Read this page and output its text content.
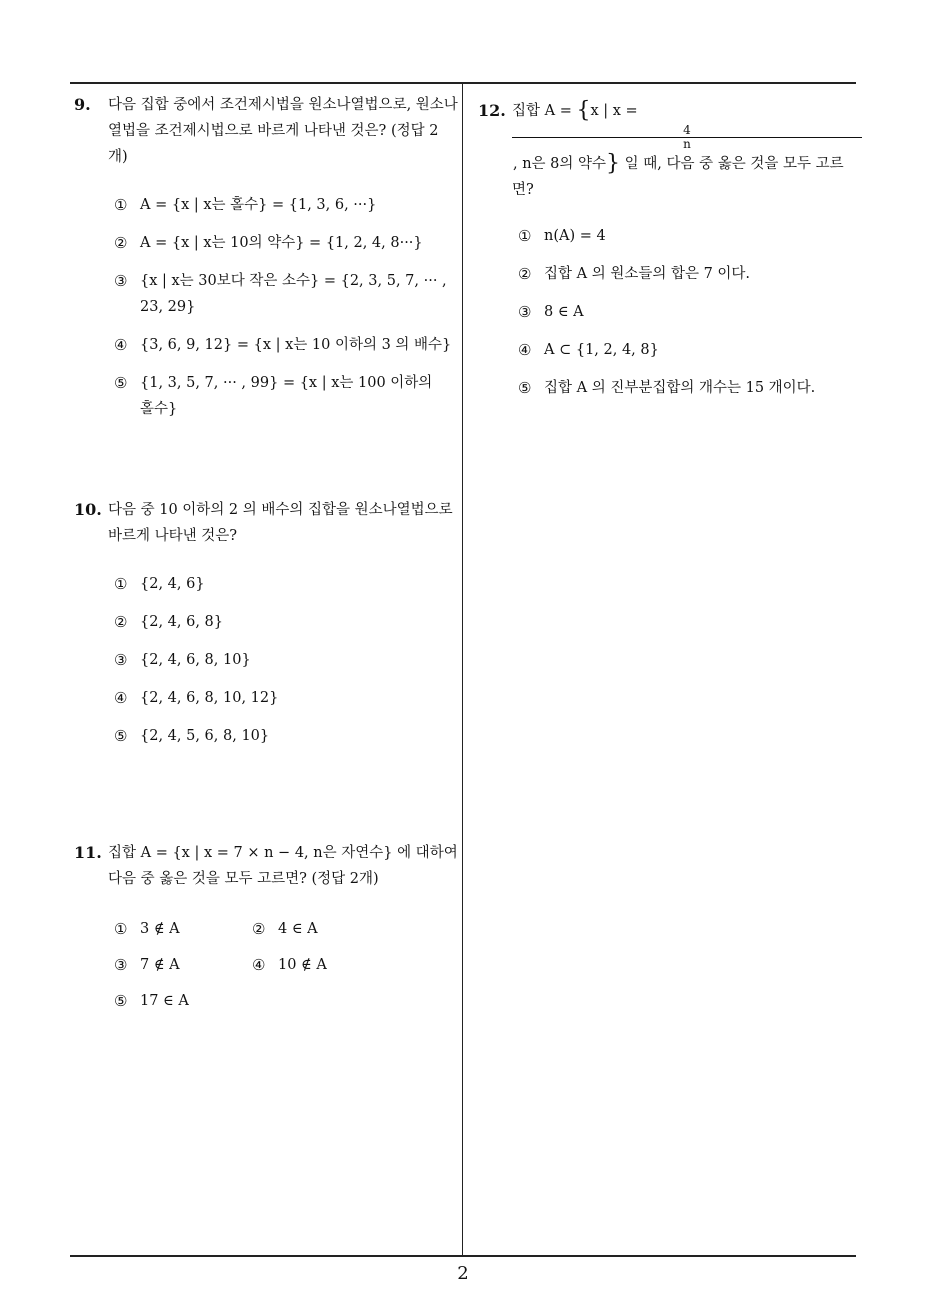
9. 다음 집합 중에서 조건제시법을 원소나열법으로, 원소나열법을 조건제시법으로 바르게 나타낸 것은? (정답 2 개)
① A = {x | x는 홀수} = {1, 3, 6, ···}
② A = {x | x는 10의 약수} = {1, 2, 4, 8···}
③ {x | x는 30보다 작은 소수} = {2, 3, 5, 7, ··· , 23, 29}
④ {3, 6, 9, 12} = {x | x는 10 이하의 3 의 배수}
⑤ {1, 3, 5, 7, ··· , 99} = {x | x는 100 이하의 홀수}
10. 다음 중 10 이하의 2 의 배수의 집합을 원소나열법으로 바르게 나타낸 것은?
① {2, 4, 6}
② {2, 4, 6, 8}
③ {2, 4, 6, 8, 10}
④ {2, 4, 6, 8, 10, 12}
⑤ {2, 4, 5, 6, 8, 10}
11. 집합 A = {x | x = 7 × n − 4, n은 자연수} 에 대하여 다음 중 옳은 것을 모두 고르면? (정답 2개)
① 3 ∉ A	② 4 ∈ A
③ 7 ∉ A	④ 10 ∉ A
⑤ 17 ∈ A
12. 집합 A = {x | x =
4
n
, n은 8의 약수} 일 때, 다음 중 옳은 것을 모두 고르면?
① n(A) = 4
② 집합 A 의 원소들의 합은 7 이다.
③ 8 ∈ A
④ A ⊂ {1, 2, 4, 8}
⑤ 집합 A 의 진부분집합의 개수는 15 개이다.
2
